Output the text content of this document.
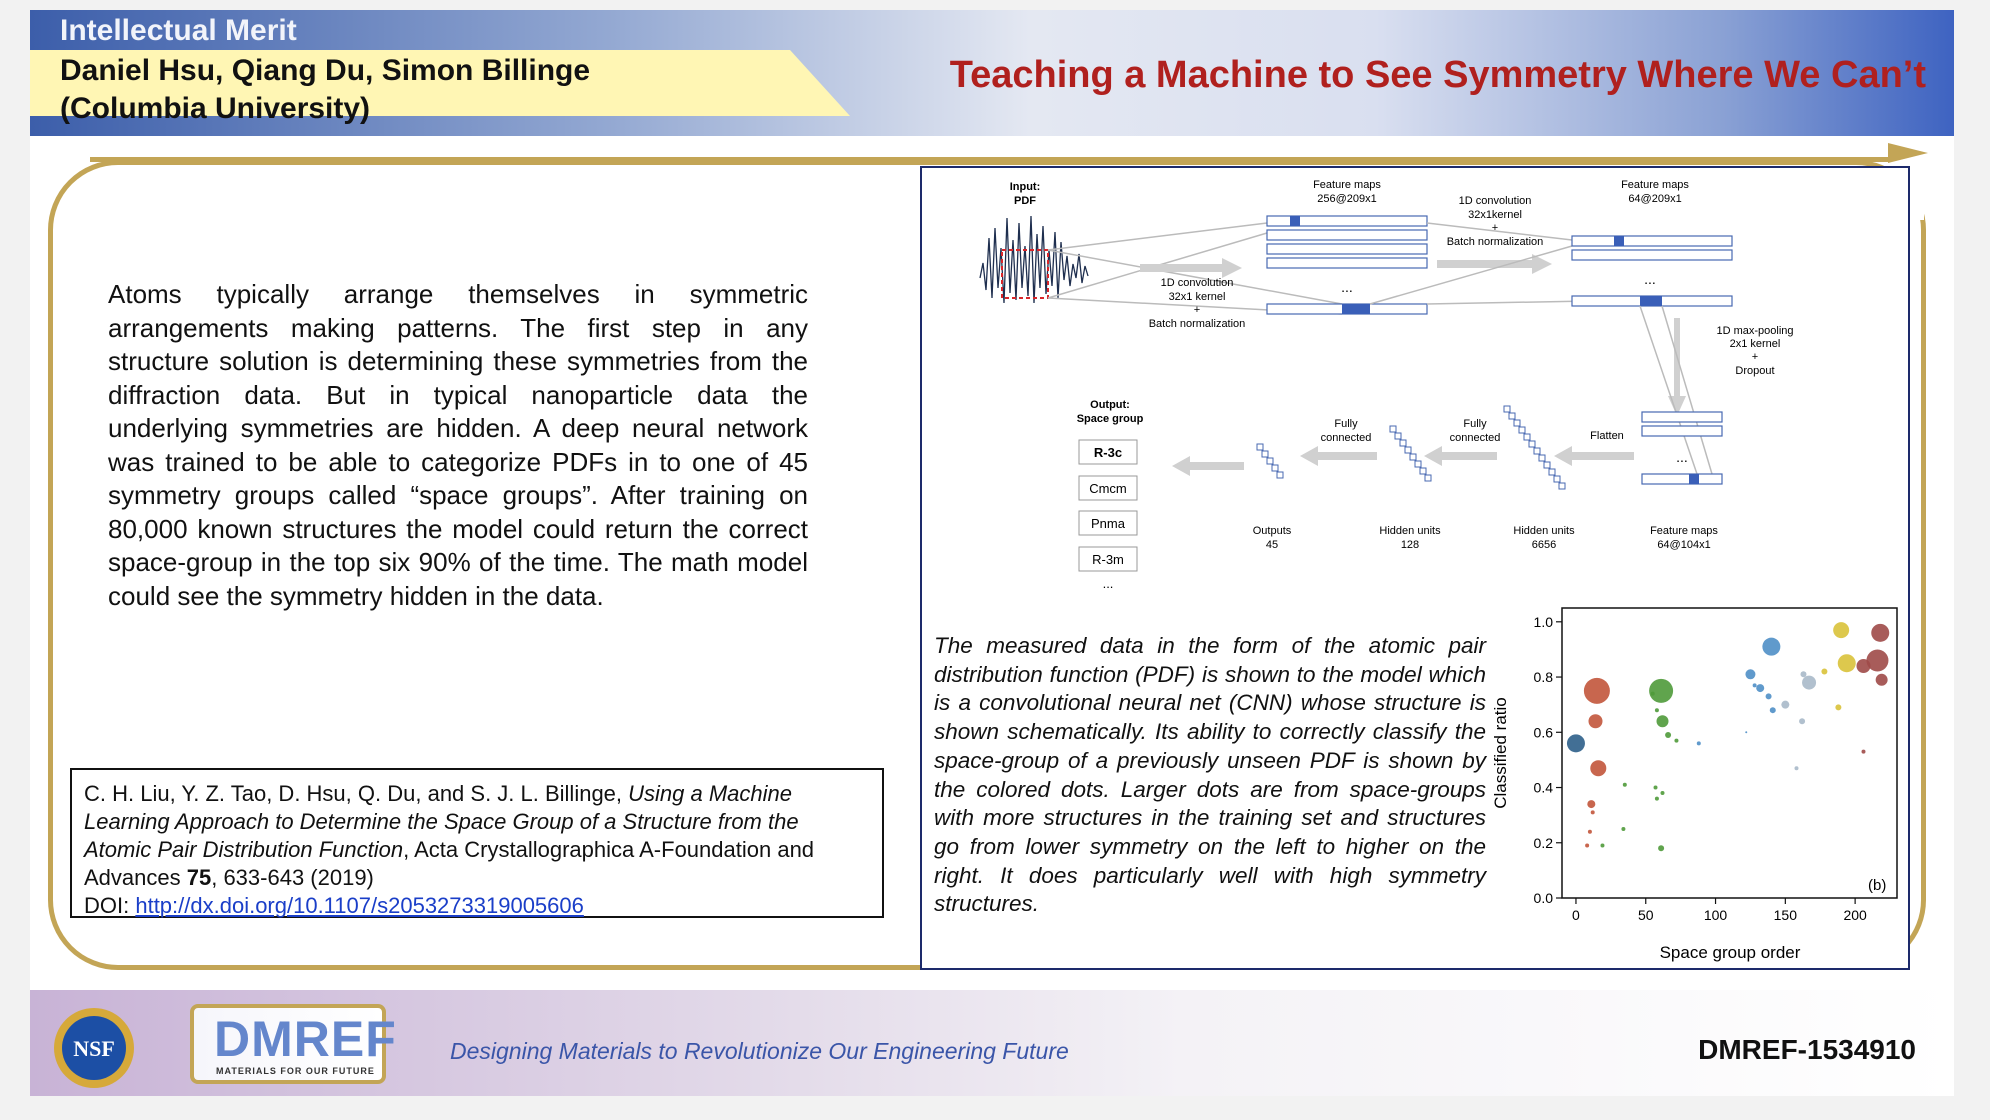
Intellectual Merit
Daniel Hsu, Qiang Du, Simon Billinge
(Columbia University)
Teaching a Machine to See Symmetry Where We Can’t
Atoms typically arrange themselves in symmetric arrangements making patterns. The first step in any structure solution is determining these symmetries from the diffraction data. But in typical nanoparticle data the underlying symmetries are hidden. A deep neural network was trained to be able to categorize PDFs in to one of 45 symmetry groups called “space groups”. After training on 80,000 known structures the model could return the correct space-group in the top six 90% of the time. The math model could see the symmetry hidden in the data.
C. H. Liu, Y. Z. Tao, D. Hsu, Q. Du, and S. J. L. Billinge, Using a Machine Learning Approach to Determine the Space Group of a Structure from the Atomic Pair Distribution Function, Acta Crystallographica A-Foundation and Advances 75, 633-643 (2019)
DOI: http://dx.doi.org/10.1107/s2053273319005606
Input:
PDF
Feature maps
256@209x1
...
1D convolution
32x1 kernel
+
Batch normalization
1D convolution
32x1kernel
+
Batch normalization
Feature maps
64@209x1
...
1D max-pooling
2x1 kernel
+
Dropout
...
Feature maps
64@104x1
Flatten
Hidden units
6656
Fully
connected
Hidden units
128
Fully
connected
Outputs
45
Output:
Space group
R-3c
Cmcm
Pnma
R-3m
...
0.0
0.2
0.4
0.6
0.8
1.0
0	50	100	150	200
(b)
Space group order
Classified ratio
The measured data in the form of the atomic pair distribution function (PDF) is shown to the model which is a convolutional neural net (CNN) whose structure is shown schematically. Its ability to correctly classify the space-group of a previously unseen PDF is shown by the colored dots. Larger dots are from space-groups with more structures in the training set and structures go from lower symmetry on the left to higher on the right. It does particularly well with high symmetry structures.
NSF DMREF
MATERIALS FOR OUR FUTURE
Designing Materials to Revolutionize Our Engineering Future	DMREF-1534910
